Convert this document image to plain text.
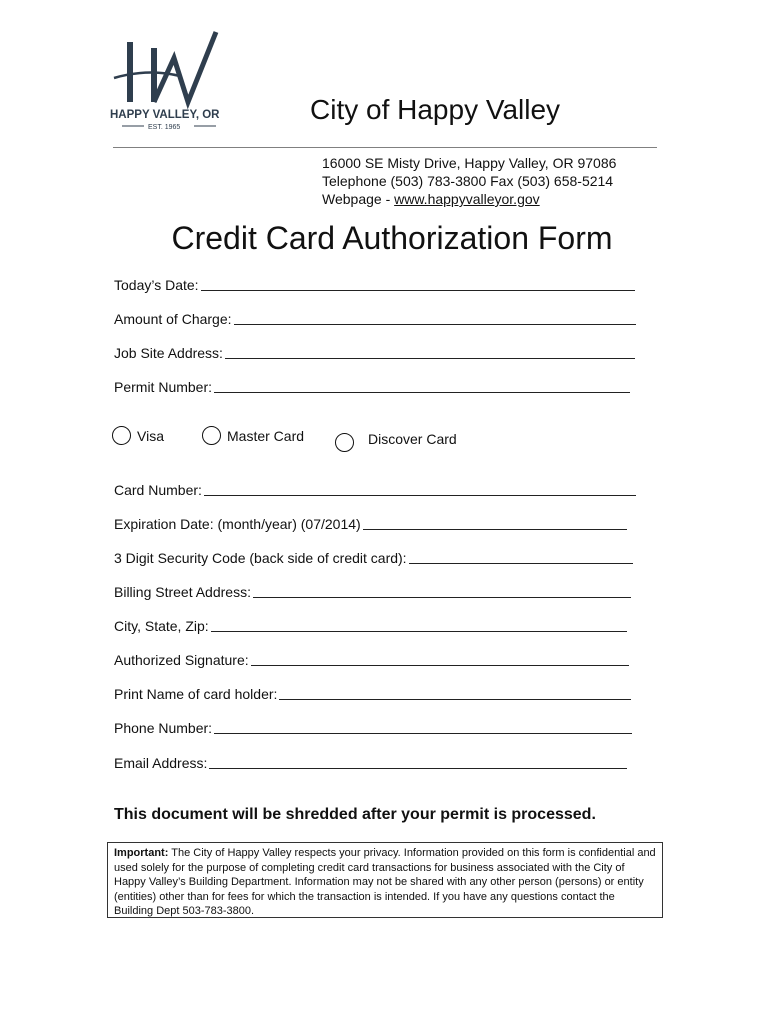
HAPPY VALLEY, OR
EST. 1965
City of Happy Valley
16000 SE Misty Drive, Happy Valley, OR 97086
Telephone (503) 783-3800 Fax (503) 658-5214
Webpage - www.happyvalleyor.gov
Credit Card Authorization Form
Today’s Date:
Amount of Charge:
Job Site Address:
Permit Number:
Visa	Master Card	Discover Card
Card Number:
Expiration Date: (month/year) (07/2014)
3 Digit Security Code (back side of credit card):
Billing Street Address:
City, State, Zip:
Authorized Signature:
Print Name of card holder:
Phone Number:
Email Address:
This document will be shredded after your permit is processed.
Important: The City of Happy Valley respects your privacy. Information provided on this form is confidential and used solely for the purpose of completing credit card transactions for business associated with the City of Happy Valley’s Building Department. Information may not be shared with any other person (persons) or entity (entities) other than for fees for which the transaction is intended. If you have any questions contact the Building Dept 503-783-3800.
